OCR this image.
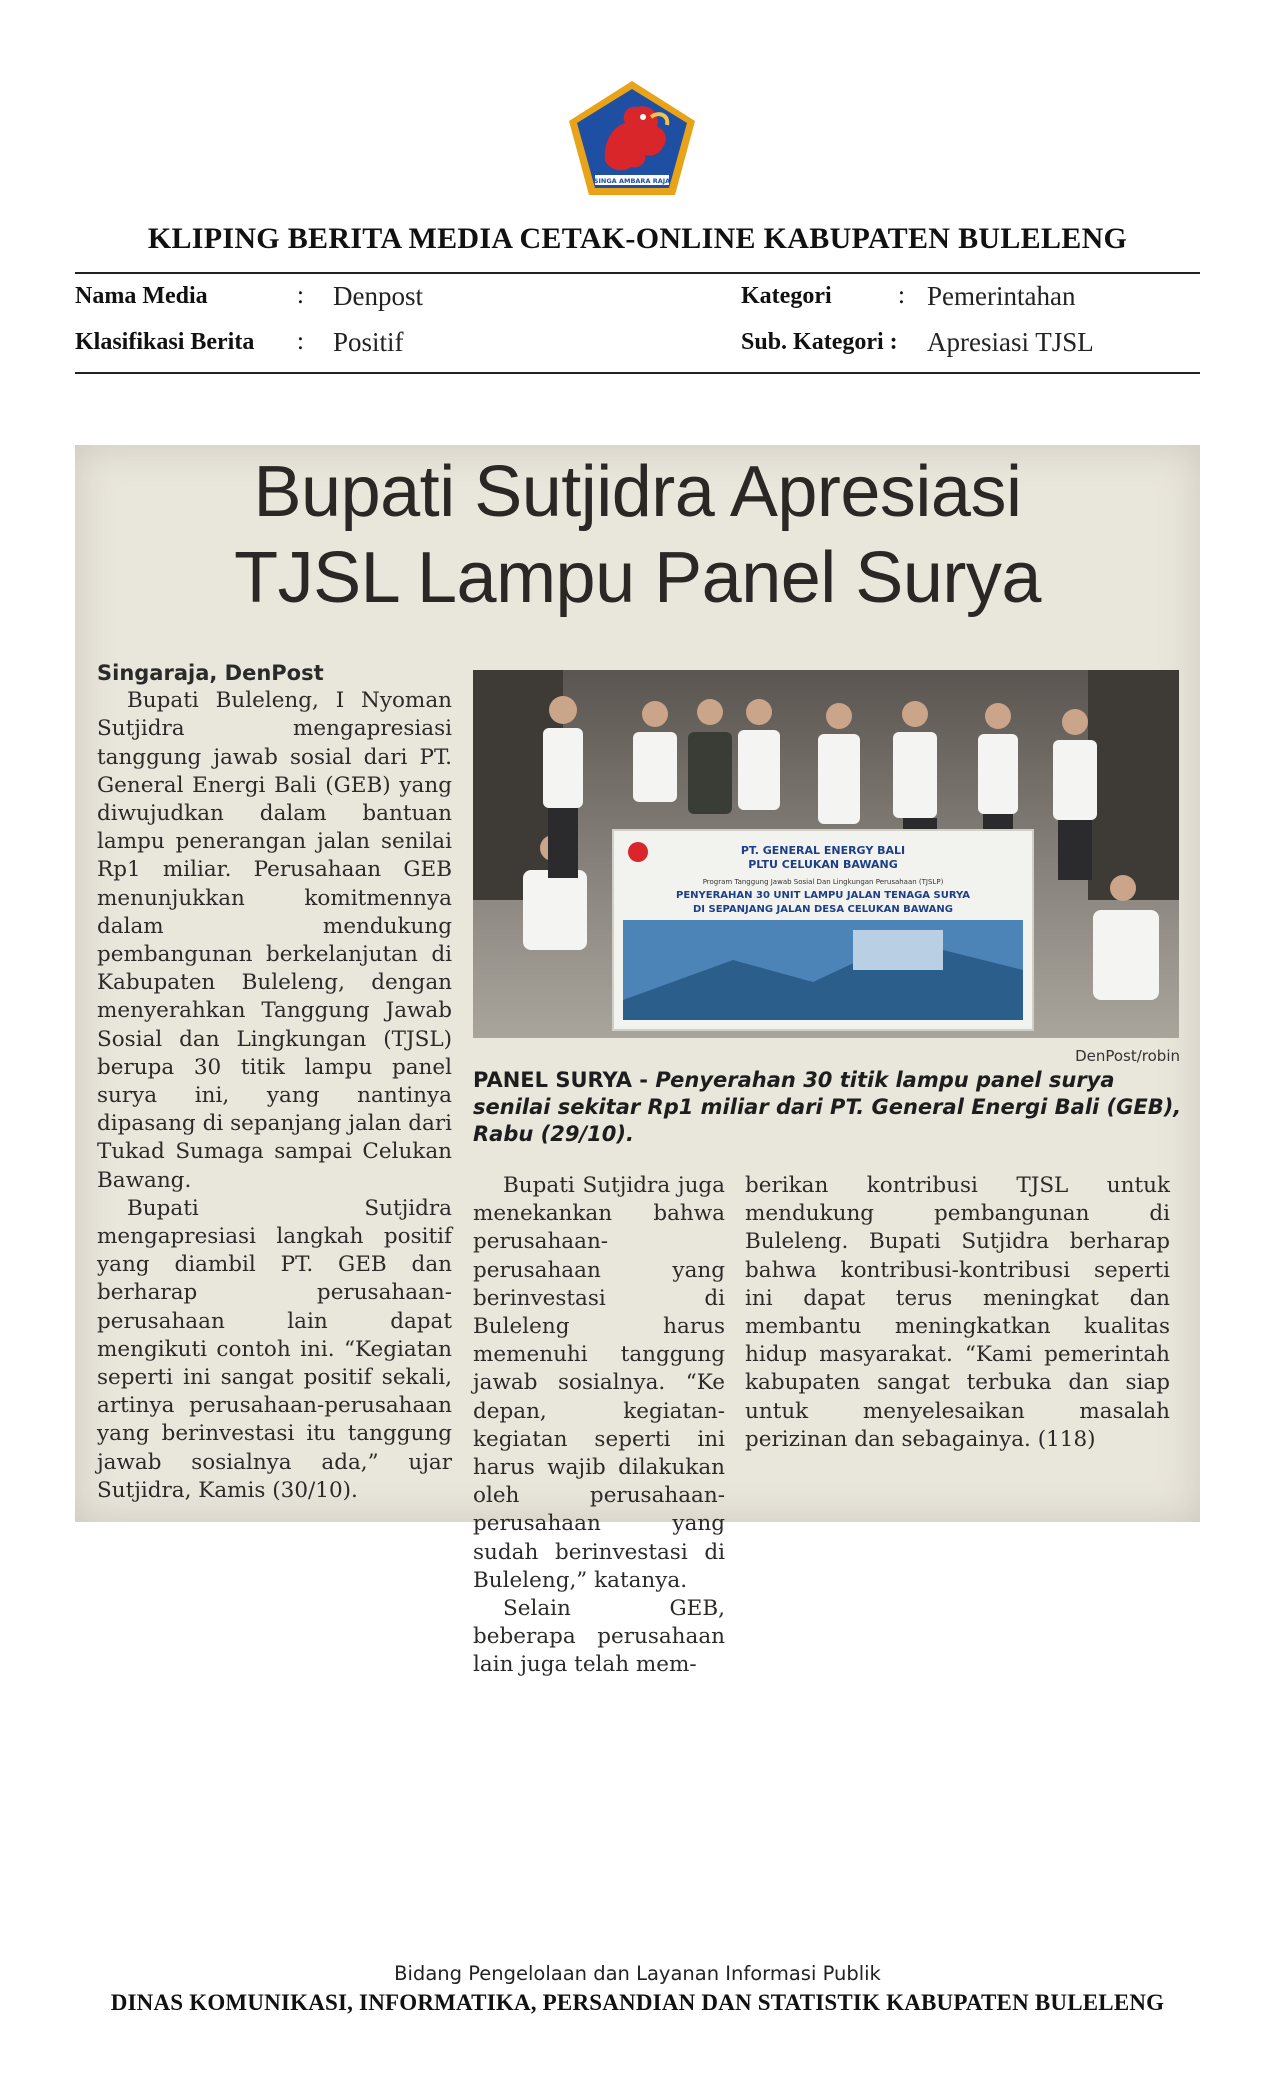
SINGA AMBARA RAJA
KLIPING BERITA MEDIA CETAK-ONLINE KABUPATEN BULELENG
Nama Media	: Denpost	Kategori	: Pemerintahan
Klasifikasi Berita : Positif	Sub. Kategori : Apresiasi TJSL
Bupati Sutjidra Apresiasi
TJSL Lampu Panel Surya
Singaraja, DenPost

Bupati Buleleng, I Nyoman Sutjidra mengapresiasi tanggung jawab sosial dari PT. General Energi Bali (GEB) yang diwujudkan dalam bantuan lampu penerangan jalan senilai Rp1 miliar. Perusahaan GEB menunjukkan komitmennya dalam mendukung pembangunan berkelanjutan di Kabupaten Buleleng, dengan menyerahkan Tanggung Jawab Sosial dan Lingkungan (TJSL) berupa 30 titik lampu panel surya ini, yang nantinya dipasang di sepanjang jalan dari Tukad Sumaga sampai Celukan Bawang.

Bupati Sutjidra mengapresiasi langkah positif yang diambil PT. GEB dan berharap perusahaan-perusahaan lain dapat mengikuti contoh ini. “Kegiatan seperti ini sangat positif sekali, artinya perusahaan-perusahaan yang berinvestasi itu tanggung jawab sosialnya ada,” ujar Sutjidra, Kamis (30/10).

PT. GENERAL ENERGY BALI
PLTU CELUKAN BAWANG
Program Tanggung Jawab Sosial Dan Lingkungan Perusahaan (TJSLP)
PENYERAHAN 30 UNIT LAMPU JALAN TENAGA SURYA
DI SEPANJANG JALAN DESA CELUKAN BAWANG
DenPost/robin
PANEL SURYA - Penyerahan 30 titik lampu panel surya senilai sekitar Rp1 miliar dari PT. General Energi Bali (GEB), Rabu (29/10).

Bupati Sutjidra juga menekankan bahwa perusahaan-perusahaan yang berinvestasi di Buleleng harus memenuhi tanggung jawab sosialnya. “Ke depan, kegiatan-kegiatan seperti ini harus wajib dilakukan oleh perusahaan-perusahaan yang sudah berinvestasi di Buleleng,” katanya.

Selain GEB, beberapa perusahaan lain juga telah mem-

berikan kontribusi TJSL untuk mendukung pembangunan di Buleleng. Bupati Sutjidra berharap bahwa kontribusi-kontribusi seperti ini dapat terus meningkat dan membantu meningkatkan kualitas hidup masyarakat. “Kami pemerintah kabupaten sangat terbuka dan siap untuk menyelesaikan masalah perizinan dan sebagainya. (118)

Bidang Pengelolaan dan Layanan Informasi Publik
DINAS KOMUNIKASI, INFORMATIKA, PERSANDIAN DAN STATISTIK KABUPATEN BULELENG
